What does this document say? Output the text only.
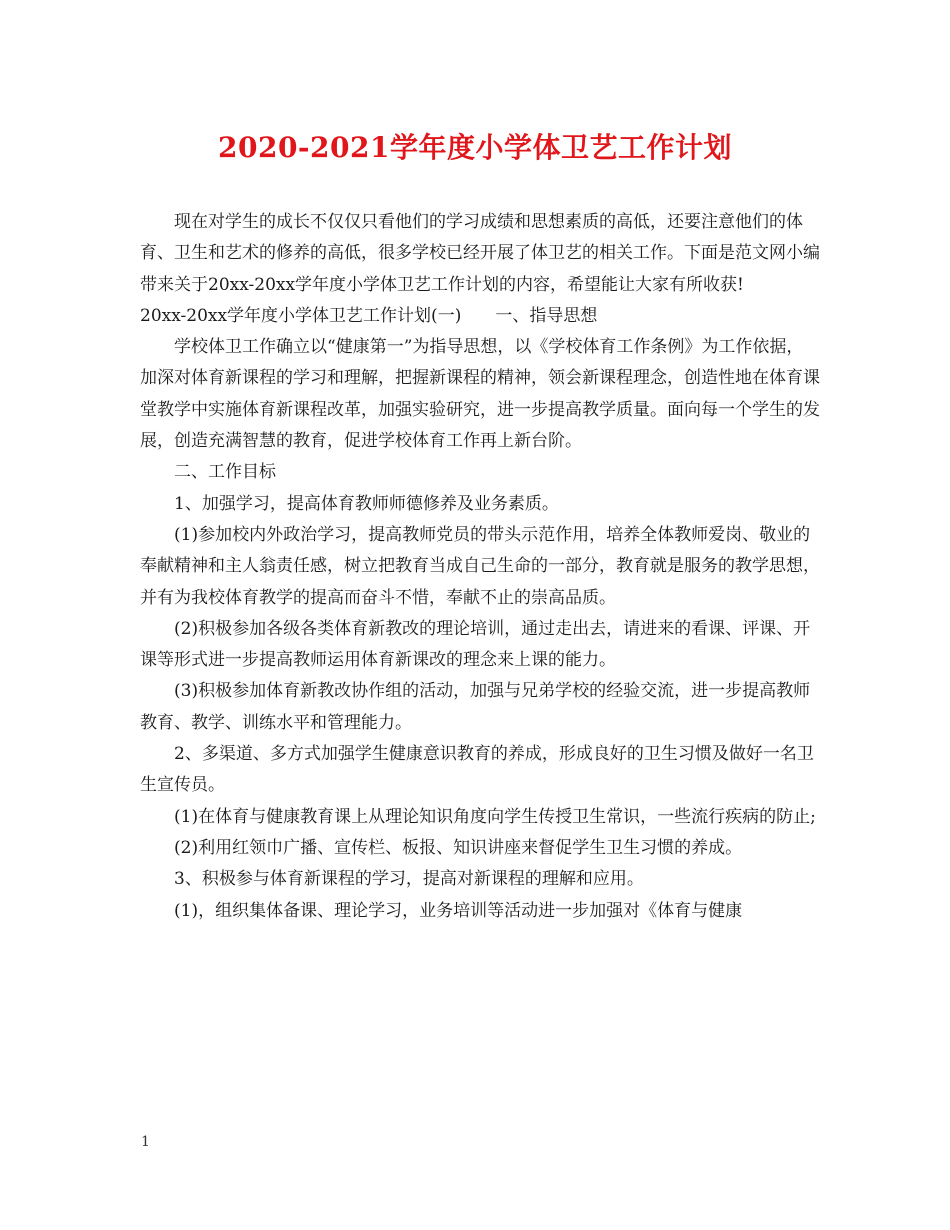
2020-2021学年度小学体卫艺工作计划

现在对学生的成长不仅仅只看他们的学习成绩和思想素质的高低，还要注意他们的体育、卫生和艺术的修养的高低，很多学校已经开展了体卫艺的相关工作。下面是范文网小编带来关于20xx-20xx学年度小学体卫艺工作计划的内容，希望能让大家有所收获!

20xx-20xx学年度小学体卫艺工作计划(一)　　一、指导思想

学校体卫工作确立以“健康第一”为指导思想，以《学校体育工作条例》为工作依据，加深对体育新课程的学习和理解，把握新课程的精神，领会新课程理念，创造性地在体育课堂教学中实施体育新课程改革，加强实验研究，进一步提高教学质量。面向每一个学生的发展，创造充满智慧的教育，促进学校体育工作再上新台阶。

二、工作目标

1、加强学习，提高体育教师师德修养及业务素质。

(1)参加校内外政治学习，提高教师党员的带头示范作用，培养全体教师爱岗、敬业的奉献精神和主人翁责任感，树立把教育当成自己生命的一部分，教育就是服务的教学思想，并有为我校体育教学的提高而奋斗不惜，奉献不止的崇高品质。

(2)积极参加各级各类体育新教改的理论培训，通过走出去，请进来的看课、评课、开课等形式进一步提高教师运用体育新课改的理念来上课的能力。

(3)积极参加体育新教改协作组的活动，加强与兄弟学校的经验交流，进一步提高教师教育、教学、训练水平和管理能力。

2、多渠道、多方式加强学生健康意识教育的养成，形成良好的卫生习惯及做好一名卫生宣传员。

(1)在体育与健康教育课上从理论知识角度向学生传授卫生常识，一些流行疾病的防止;

(2)利用红领巾广播、宣传栏、板报、知识讲座来督促学生卫生习惯的养成。

3、积极参与体育新课程的学习，提高对新课程的理解和应用。

(1)，组织集体备课、理论学习，业务培训等活动进一步加强对《体育与健康

1
